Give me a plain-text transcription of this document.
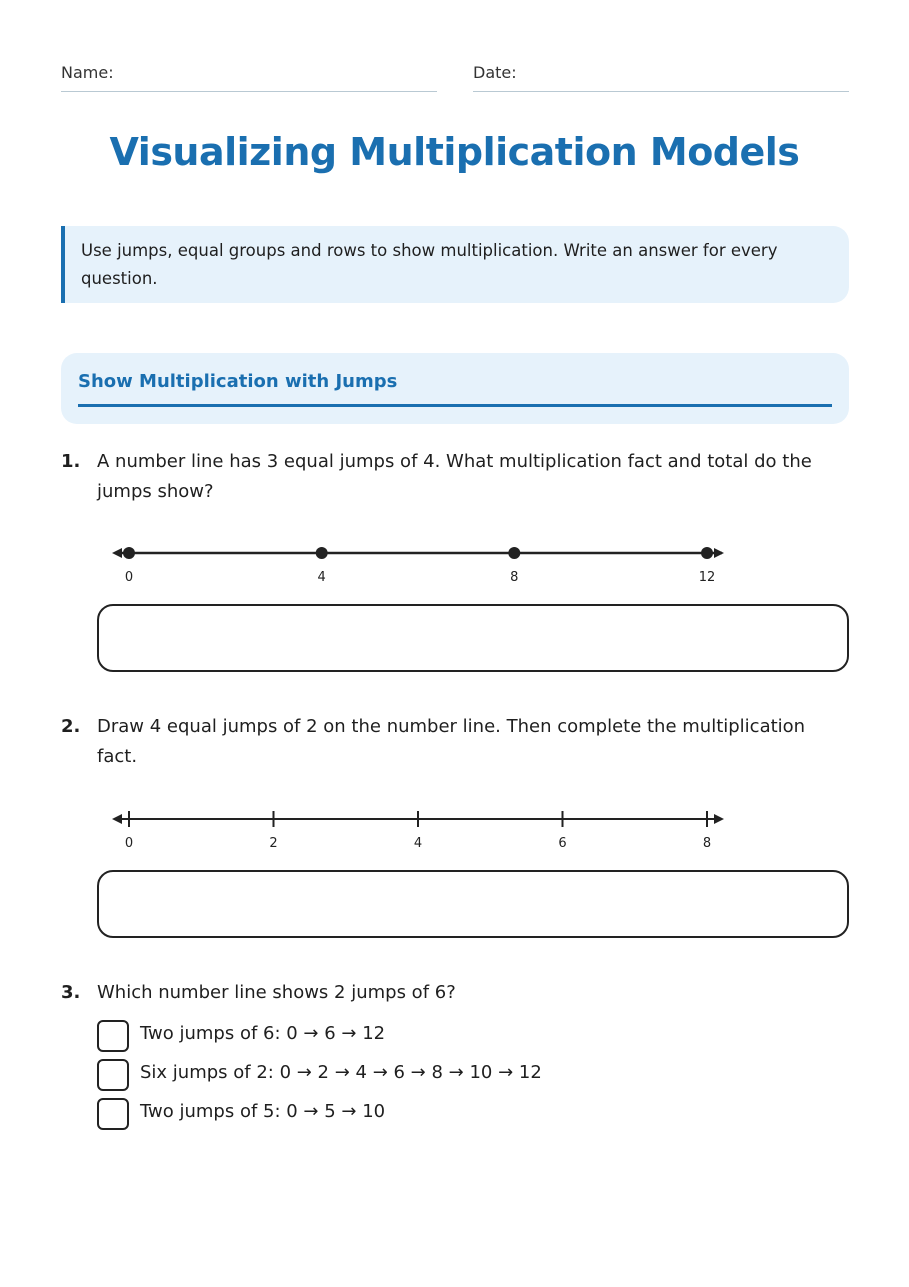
Name:	Date:
Visualizing Multiplication Models
Use jumps, equal groups and rows to show multiplication. Write an answer for every question.
Show Multiplication with Jumps
1. A number line has 3 equal jumps of 4. What multiplication fact and total do the jumps show?
0	4	8	12
2. Draw 4 equal jumps of 2 on the number line. Then complete the multiplication fact.
0	2	4	6	8
3. Which number line shows 2 jumps of 6?
Two jumps of 6: 0 → 6 → 12
Six jumps of 2: 0 → 2 → 4 → 6 → 8 → 10 → 12
Two jumps of 5: 0 → 5 → 10
